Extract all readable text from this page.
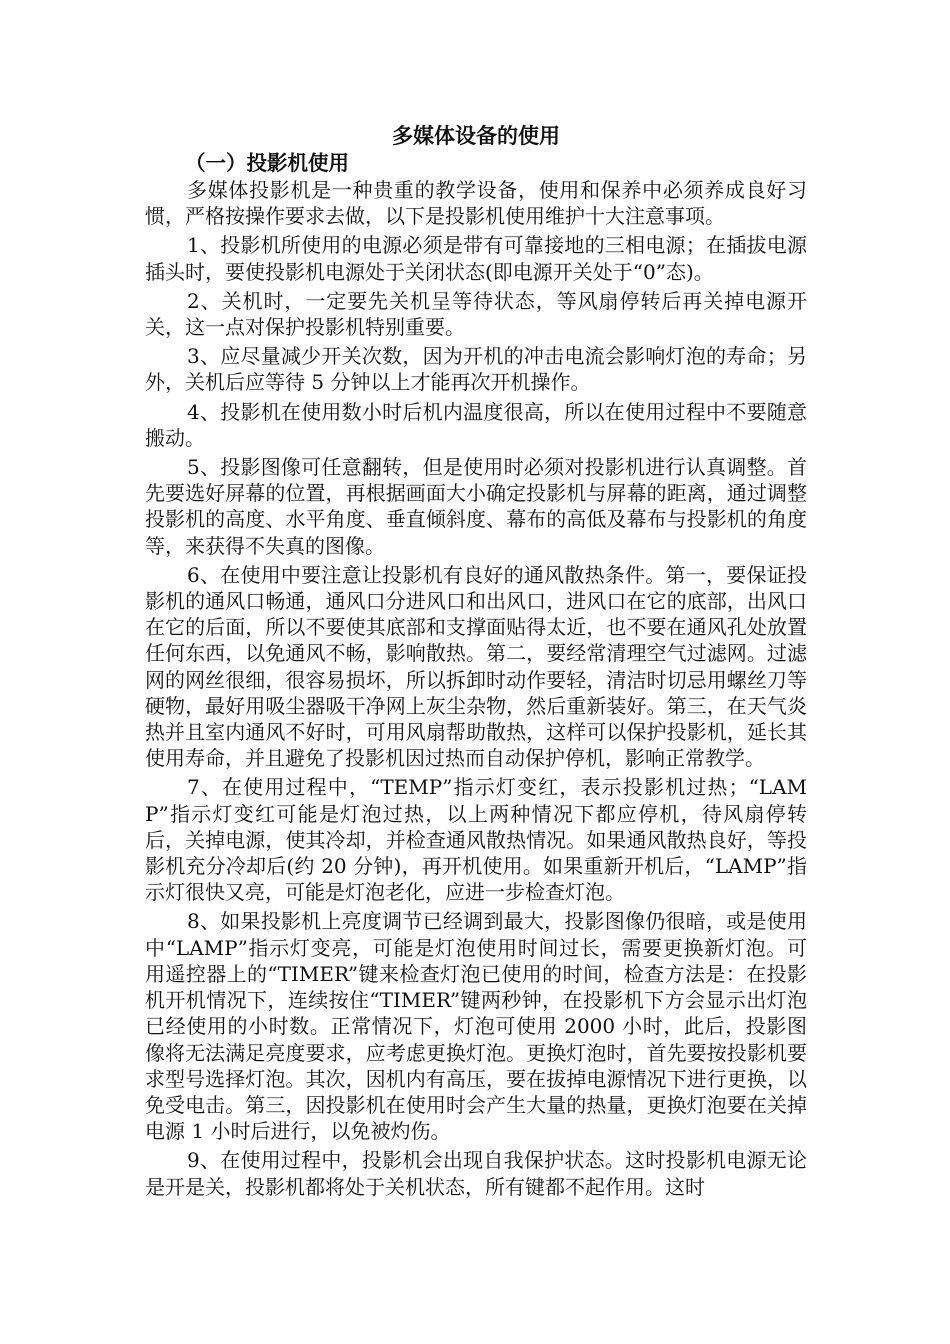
多媒体设备的使用
（一）投影机使用

多媒体投影机是一种贵重的教学设备，使用和保养中必须养成良好习惯，严格按操作要求去做，以下是投影机使用维护十大注意事项。

1、投影机所使用的电源必须是带有可靠接地的三相电源；在插拔电源插头时，要使投影机电源处于关闭状态(即电源开关处于“0”态)。

2、关机时，一定要先关机呈等待状态，等风扇停转后再关掉电源开关，这一点对保护投影机特别重要。

3、应尽量减少开关次数，因为开机的冲击电流会影响灯泡的寿命；另外，关机后应等待 5 分钟以上才能再次开机操作。

4、投影机在使用数小时后机内温度很高，所以在使用过程中不要随意搬动。

5、投影图像可任意翻转，但是使用时必须对投影机进行认真调整。首先要选好屏幕的位置，再根据画面大小确定投影机与屏幕的距离，通过调整投影机的高度、水平角度、垂直倾斜度、幕布的高低及幕布与投影机的角度等，来获得不失真的图像。

6、在使用中要注意让投影机有良好的通风散热条件。第一，要保证投影机的通风口畅通，通风口分进风口和出风口，进风口在它的底部，出风口在它的后面，所以不要使其底部和支撑面贴得太近，也不要在通风孔处放置任何东西，以免通风不畅，影响散热。第二，要经常清理空气过滤网。过滤网的网丝很细，很容易损坏，所以拆卸时动作要轻，清洁时切忌用螺丝刀等硬物，最好用吸尘器吸干净网上灰尘杂物，然后重新装好。第三，在天气炎热并且室内通风不好时，可用风扇帮助散热，这样可以保护投影机，延长其使用寿命，并且避免了投影机因过热而自动保护停机，影响正常教学。

7、在使用过程中，“TEMP”指示灯变红，表示投影机过热；“LAMP”指示灯变红可能是灯泡过热，以上两种情况下都应停机，待风扇停转后，关掉电源，使其冷却，并检查通风散热情况。如果通风散热良好，等投影机充分冷却后(约 20 分钟)，再开机使用。如果重新开机后，“LAMP”指示灯很快又亮，可能是灯泡老化，应进一步检查灯泡。

8、如果投影机上亮度调节已经调到最大，投影图像仍很暗，或是使用中“LAMP”指示灯变亮，可能是灯泡使用时间过长，需要更换新灯泡。可用遥控器上的“TIMER”键来检查灯泡已使用的时间，检查方法是：在投影机开机情况下，连续按住“TIMER”键两秒钟，在投影机下方会显示出灯泡已经使用的小时数。正常情况下，灯泡可使用 2000 小时，此后，投影图像将无法满足亮度要求，应考虑更换灯泡。更换灯泡时，首先要按投影机要求型号选择灯泡。其次，因机内有高压，要在拔掉电源情况下进行更换，以免受电击。第三，因投影机在使用时会产生大量的热量，更换灯泡要在关掉电源 1 小时后进行，以免被灼伤。

9、在使用过程中，投影机会出现自我保护状态。这时投影机电源无论是开是关，投影机都将处于关机状态，所有键都不起作用。这时
